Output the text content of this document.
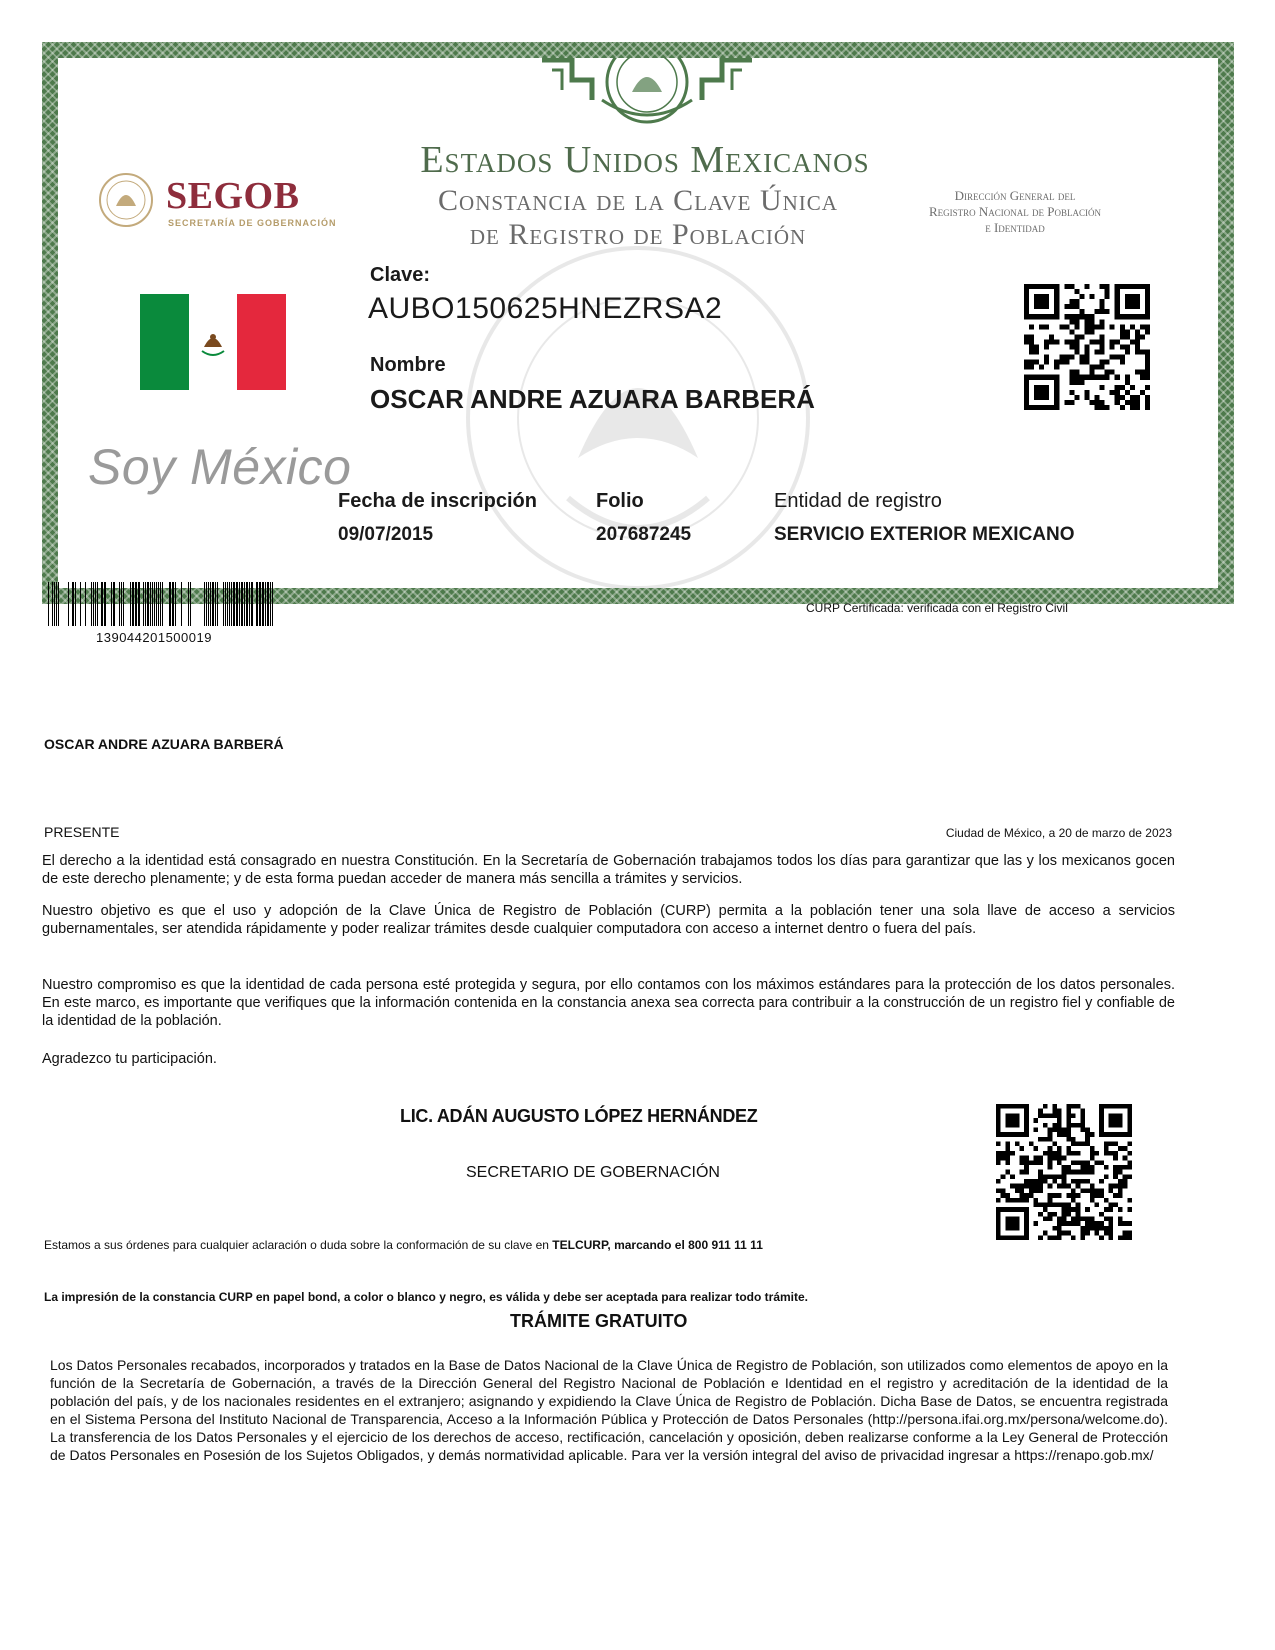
Estados Unidos Mexicanos
Constancia de la Clave Única
de Registro de Población
Dirección General del
Registro Nacional de Población
e Identidad
SEGOB
SECRETARÍA DE GOBERNACIÓN
Soy México
Clave:
AUBO150625HNEZRSA2
Nombre
OSCAR ANDRE AZUARA BARBERÁ
Fecha de inscripción	Folio	Entidad de registro
09/07/2015	207687245	SERVICIO EXTERIOR MEXICANO
139044201500019
CURP Certificada: verificada con el Registro Civil
OSCAR ANDRE AZUARA BARBERÁ
PRESENTE	Ciudad de México, a 20 de marzo de 2023

El derecho a la identidad está consagrado en nuestra Constitución. En la Secretaría de Gobernación trabajamos todos los días para garantizar que las y los mexicanos gocen de este derecho plenamente; y de esta forma puedan acceder de manera más sencilla a trámites y servicios.

Nuestro objetivo es que el uso y adopción de la Clave Única de Registro de Población (CURP) permita a la población tener una sola llave de acceso a servicios gubernamentales, ser atendida rápidamente y poder realizar trámites desde cualquier computadora con acceso a internet dentro o fuera del país.

Nuestro compromiso es que la identidad de cada persona esté protegida y segura, por ello contamos con los máximos estándares para la protección de los datos personales. En este marco, es importante que verifiques que la información contenida en la constancia anexa sea correcta para contribuir a la construcción de un registro fiel y confiable de la identidad de la población.

Agradezco tu participación.

LIC. ADÁN AUGUSTO LÓPEZ HERNÁNDEZ
SECRETARIO DE GOBERNACIÓN
Estamos a sus órdenes para cualquier aclaración o duda sobre la conformación de su clave en TELCURP, marcando el 800 911 11 11
La impresión de la constancia CURP en papel bond, a color o blanco y negro, es válida y debe ser aceptada para realizar todo trámite.
TRÁMITE GRATUITO

Los Datos Personales recabados, incorporados y tratados en la Base de Datos Nacional de la Clave Única de Registro de Población, son utilizados como elementos de apoyo en la función de la Secretaría de Gobernación, a través de la Dirección General del Registro Nacional de Población e Identidad en el registro y acreditación de la identidad de la población del país, y de los nacionales residentes en el extranjero; asignando y expidiendo la Clave Única de Registro de Población. Dicha Base de Datos, se encuentra registrada en el Sistema Persona del Instituto Nacional de Transparencia, Acceso a la Información Pública y Protección de Datos Personales (http://persona.ifai.org.mx/persona/welcome.do). La transferencia de los Datos Personales y el ejercicio de los derechos de acceso, rectificación, cancelación y oposición, deben realizarse conforme a la Ley General de Protección de Datos Personales en Posesión de los Sujetos Obligados, y demás normatividad aplicable. Para ver la versión integral del aviso de privacidad ingresar a https://renapo.gob.mx/
